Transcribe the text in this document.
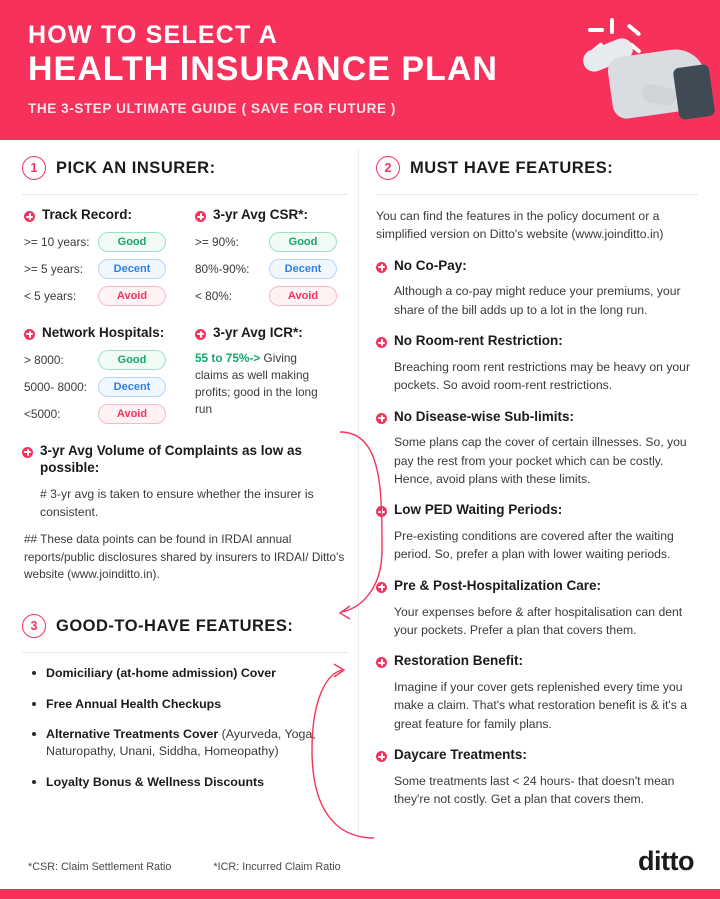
HOW TO SELECT A
HEALTH INSURANCE PLAN
THE 3-STEP ULTIMATE GUIDE ( SAVE FOR FUTURE )
1	PICK AN INSURER:
Track Record:
>= 10 years:	Good
>= 5 years:	Decent
< 5 years:	Avoid
3-yr Avg CSR*:
>= 90%:	Good
80%-90%:	Decent
< 80%:	Avoid
Network Hospitals:
> 8000:	Good
5000- 8000:	Decent
<5000:	Avoid
3-yr Avg ICR*:
55 to 75%-> Giving claims as well making profits; good in the long run
3-yr Avg Volume of Complaints as low as possible:

# 3-yr avg is taken to ensure whether the insurer is consistent.

## These data points can be found in IRDAI annual reports/public disclosures shared by insurers to IRDAI/ Ditto's website (www.joinditto.in).

3	GOOD-TO-HAVE FEATURES:
Domiciliary (at-home admission) Cover
Free Annual Health Checkups
Alternative Treatments Cover (Ayurveda, Yoga, Naturopathy, Unani, Siddha, Homeopathy)
Loyalty Bonus & Wellness Discounts
2	MUST HAVE FEATURES:

You can find the features in the policy document or a simplified version on Ditto's website (www.joinditto.in)

No Co-Pay:

Although a co-pay might reduce your premiums, your share of the bill adds up to a lot in the long run.

No Room-rent Restriction:

Breaching room rent restrictions may be heavy on your pockets. So avoid room-rent restrictions.

No Disease-wise Sub-limits:

Some plans cap the cover of certain illnesses. So, you pay the rest from your pocket which can be costly. Hence, avoid plans with these limits.

Low PED Waiting Periods:

Pre-existing conditions are covered after the waiting period. So, prefer a plan with lower waiting periods.

Pre & Post-Hospitalization Care:

Your expenses before & after hospitalisation can dent your pockets. Prefer a plan that covers them.

Restoration Benefit:

Imagine if your cover gets replenished every time you make a claim. That's what restoration benefit is & it's a great feature for family plans.

Daycare Treatments:

Some treatments last < 24 hours- that doesn't mean they're not costly. Get a plan that covers them.

*CSR: Claim Settlement Ratio	*ICR: Incurred Claim Ratio	ditto
